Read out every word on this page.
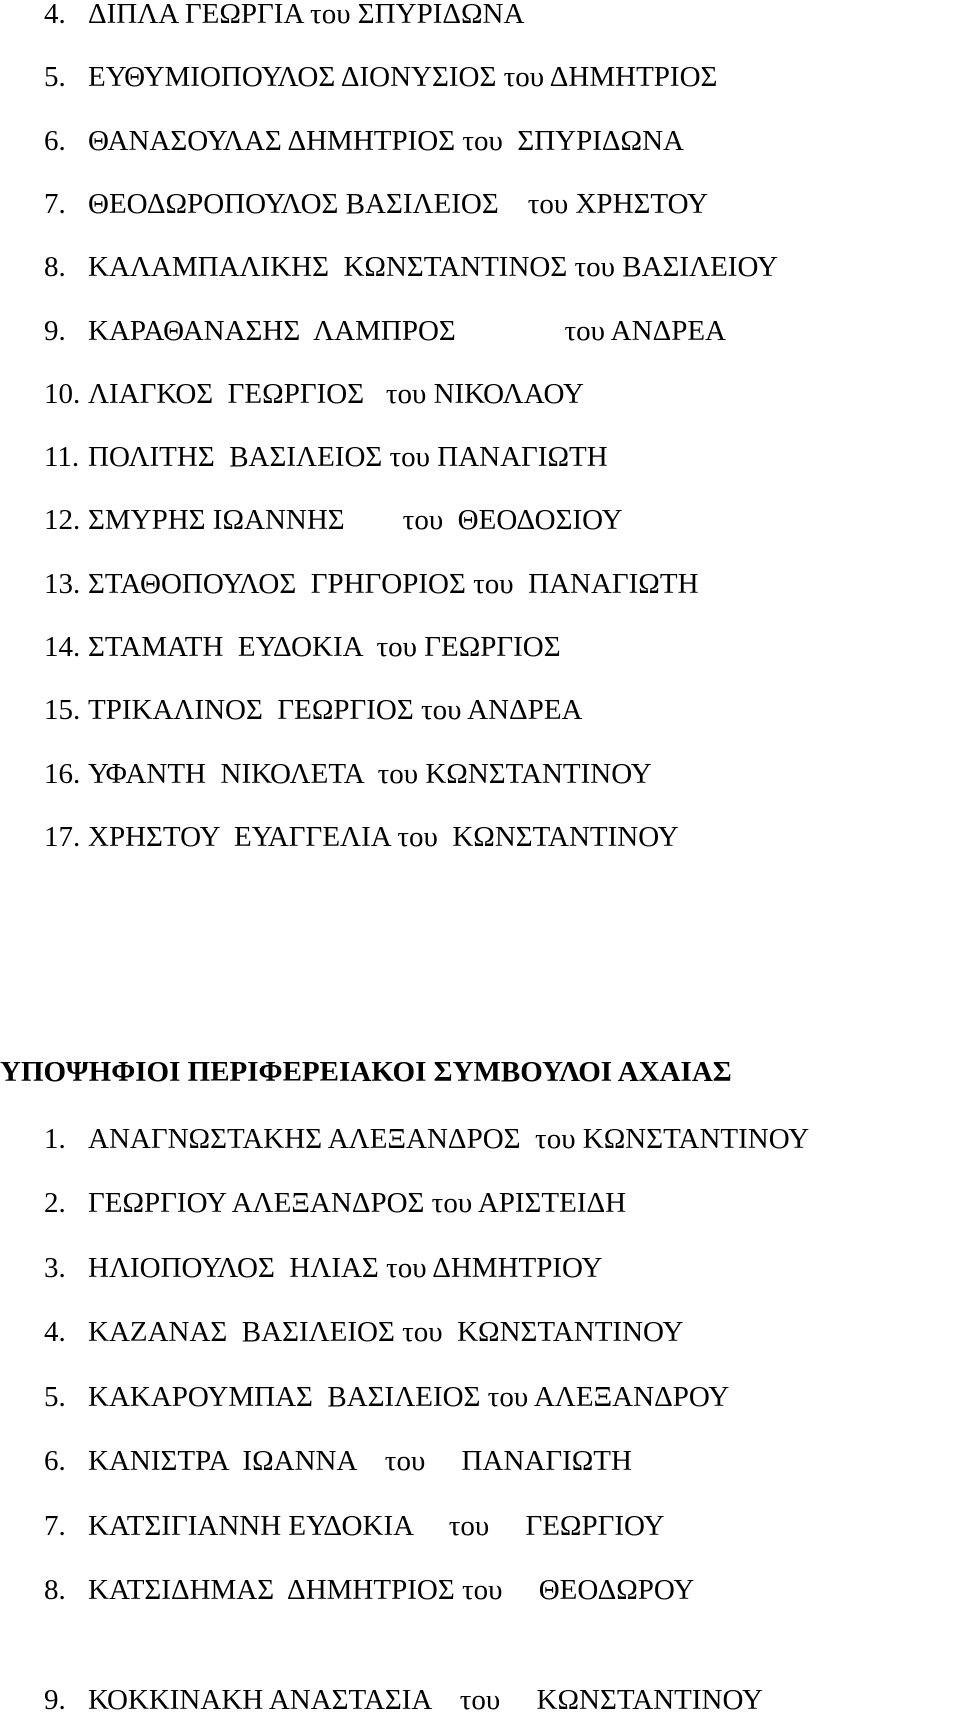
4. ΔΙΠΛΑ ΓΕΩΡΓΙΑ του ΣΠΥΡΙΔΩΝΑ
5. ΕΥΘΥΜΙΟΠΟΥΛΟΣ ΔΙΟΝΥΣΙΟΣ του ΔΗΜΗΤΡΙΟΣ
6. ΘΑΝΑΣΟΥΛΑΣ ΔΗΜΗΤΡΙΟΣ του  ΣΠΥΡΙΔΩΝΑ
7. ΘΕΟΔΩΡΟΠΟΥΛΟΣ ΒΑΣΙΛΕΙΟΣ    του ΧΡΗΣΤΟΥ
8. ΚΑΛΑΜΠΑΛΙΚΗΣ  ΚΩΝΣΤΑΝΤΙΝΟΣ του ΒΑΣΙΛΕΙΟΥ
9. ΚΑΡΑΘΑΝΑΣΗΣ  ΛΑΜΠΡΟΣ               του ΑΝΔΡΕΑ
10. ΛΙΑΓΚΟΣ  ΓΕΩΡΓΙΟΣ   του ΝΙΚΟΛΑΟΥ
11. ΠΟΛΙΤΗΣ  ΒΑΣΙΛΕΙΟΣ του ΠΑΝΑΓΙΩΤΗ
12. ΣΜΥΡΗΣ ΙΩΑΝΝΗΣ        του  ΘΕΟΔΟΣΙΟΥ
13. ΣΤΑΘΟΠΟΥΛΟΣ  ΓΡΗΓΟΡΙΟΣ του  ΠΑΝΑΓΙΩΤΗ
14. ΣΤΑΜΑΤΗ  ΕΥΔΟΚΙΑ  του ΓΕΩΡΓΙΟΣ
15. ΤΡΙΚΑΛΙΝΟΣ  ΓΕΩΡΓΙΟΣ του ΑΝΔΡΕΑ
16. ΥΦΑΝΤΗ  ΝΙΚΟΛΕΤΑ  του ΚΩΝΣΤΑΝΤΙΝΟΥ
17. ΧΡΗΣΤΟΥ  ΕΥΑΓΓΕΛΙΑ του  ΚΩΝΣΤΑΝΤΙΝΟΥ
ΥΠΟΨΗΦΙΟΙ ΠΕΡΙΦΕΡΕΙΑΚΟΙ ΣΥΜΒΟΥΛΟΙ ΑΧΑΙΑΣ
1. ΑΝΑΓΝΩΣΤΑΚΗΣ ΑΛΕΞΑΝΔΡΟΣ  του ΚΩΝΣΤΑΝΤΙΝΟΥ
2. ΓΕΩΡΓΙΟΥ ΑΛΕΞΑΝΔΡΟΣ του ΑΡΙΣΤΕΙΔΗ
3. ΗΛΙΟΠΟΥΛΟΣ  ΗΛΙΑΣ του ΔΗΜΗΤΡΙΟΥ
4. ΚΑΖΑΝΑΣ  ΒΑΣΙΛΕΙΟΣ του  ΚΩΝΣΤΑΝΤΙΝΟΥ
5. ΚΑΚΑΡΟΥΜΠΑΣ  ΒΑΣΙΛΕΙΟΣ του ΑΛΕΞΑΝΔΡΟΥ
6. ΚΑΝΙΣΤΡΑ  ΙΩΑΝΝΑ    του     ΠΑΝΑΓΙΩΤΗ
7. ΚΑΤΣΙΓΙΑΝΝΗ ΕΥΔΟΚΙΑ     του     ΓΕΩΡΓΙΟΥ
8. ΚΑΤΣΙΔΗΜΑΣ  ΔΗΜΗΤΡΙΟΣ του     ΘΕΟΔΩΡΟΥ
9. ΚΟΚΚΙΝΑΚΗ ΑΝΑΣΤΑΣΙΑ    του     ΚΩΝΣΤΑΝΤΙΝΟΥ
